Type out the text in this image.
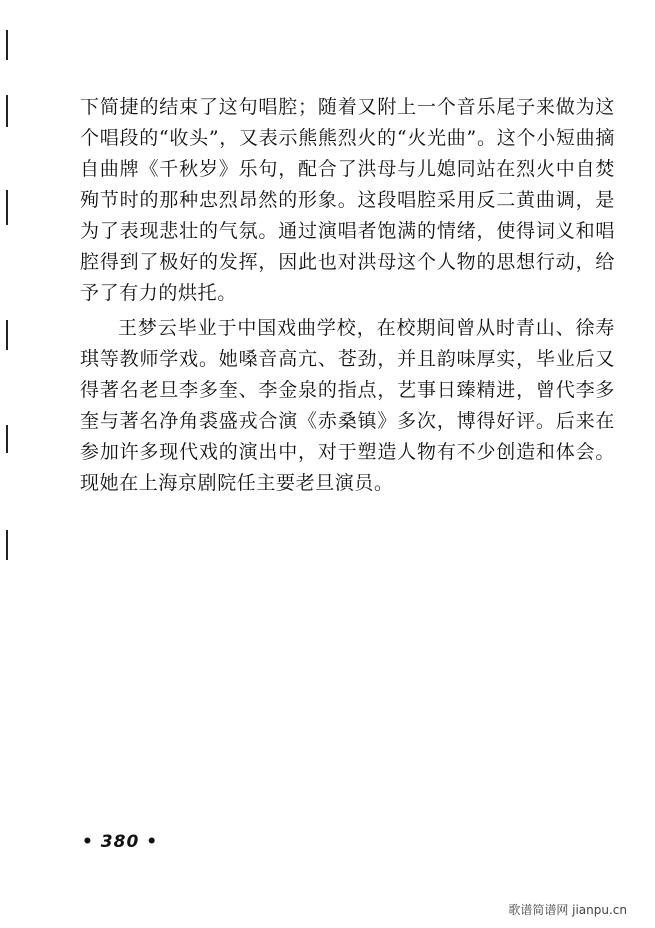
下简捷的结束了这句唱腔；随着又附上一个音乐尾子来做为这个唱段的“收头”，又表示熊熊烈火的“火光曲”。这个小短曲摘自曲牌《千秋岁》乐句，配合了洪母与儿媳同站在烈火中自焚殉节时的那种忠烈昂然的形象。这段唱腔采用反二黄曲调，是为了表现悲壮的气氛。通过演唱者饱满的情绪，使得词义和唱腔得到了极好的发挥，因此也对洪母这个人物的思想行动，给予了有力的烘托。

王梦云毕业于中国戏曲学校，在校期间曾从时青山、徐寿琪等教师学戏。她嗓音高亢、苍劲，并且韵味厚实，毕业后又得著名老旦李多奎、李金泉的指点，艺事日臻精进，曾代李多奎与著名净角裘盛戎合演《赤桑镇》多次，博得好评。后来在参加许多现代戏的演出中，对于塑造人物有不少创造和体会。现她在上海京剧院任主要老旦演员。

• 380 •
歌谱简谱网 jianpu.cn
